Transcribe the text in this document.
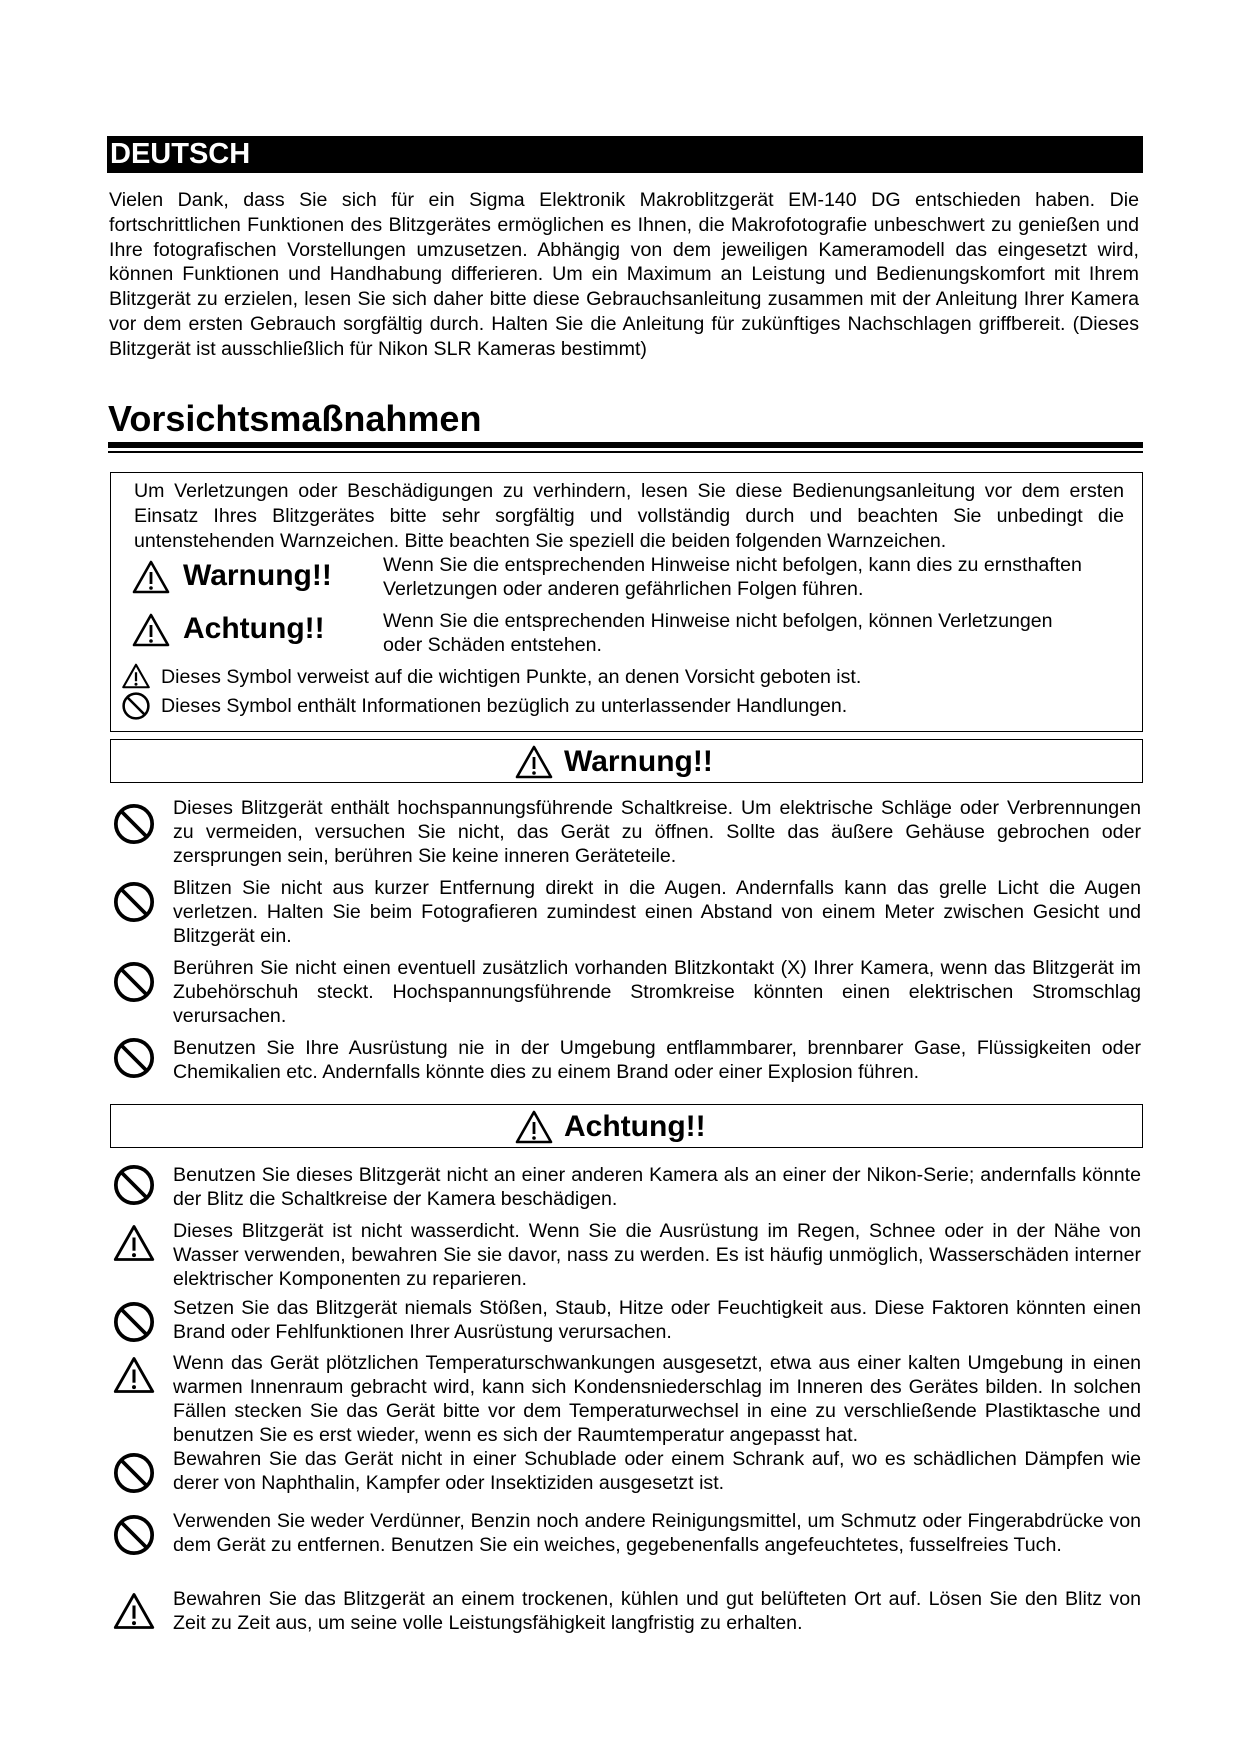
DEUTSCH

Vielen Dank, dass Sie sich für ein Sigma Elektronik Makroblitzgerät EM-140 DG entschieden haben. Die fortschrittlichen Funktionen des Blitzgerätes ermöglichen es Ihnen, die Makrofotografie unbeschwert zu genießen und Ihre fotografischen Vorstellungen umzusetzen. Abhängig von dem jeweiligen Kameramodell das eingesetzt wird, können Funktionen und Handhabung differieren. Um ein Maximum an Leistung und Bedienungskomfort mit Ihrem Blitzgerät zu erzielen, lesen Sie sich daher bitte diese Gebrauchsanleitung zusammen mit der Anleitung Ihrer Kamera vor dem ersten Gebrauch sorgfältig durch. Halten Sie die Anleitung für zukünftiges Nachschlagen griffbereit. (Dieses Blitzgerät ist ausschließlich für Nikon SLR Kameras bestimmt)

Vorsichtsmaßnahmen

Um Verletzungen oder Beschädigungen zu verhindern, lesen Sie diese Bedienungsanleitung vor dem ersten Einsatz Ihres Blitzgerätes bitte sehr sorgfältig und vollständig durch und beachten Sie unbedingt die untenstehenden Warnzeichen. Bitte beachten Sie speziell die beiden folgenden Warnzeichen.

Warnung!!	Wenn Sie die entsprechenden Hinweise nicht befolgen, kann dies zu ernsthaften Verletzungen oder anderen gefährlichen Folgen führen.

Achtung!!	Wenn Sie die entsprechenden Hinweise nicht befolgen, können Verletzungen oder Schäden entstehen.

Dieses Symbol verweist auf die wichtigen Punkte, an denen Vorsicht geboten ist.
Dieses Symbol enthält Informationen bezüglich zu unterlassender Handlungen.
Warnung!!

Dieses Blitzgerät enthält hochspannungsführende Schaltkreise. Um elektrische Schläge oder Verbrennungen zu vermeiden, versuchen Sie nicht, das Gerät zu öffnen. Sollte das äußere Gehäuse gebrochen oder zersprungen sein, berühren Sie keine inneren Geräteteile.

Blitzen Sie nicht aus kurzer Entfernung direkt in die Augen. Andernfalls kann das grelle Licht die Augen verletzen. Halten Sie beim Fotografieren zumindest einen Abstand von einem Meter zwischen Gesicht und Blitzgerät ein.

Berühren Sie nicht einen eventuell zusätzlich vorhanden Blitzkontakt (X) Ihrer Kamera, wenn das Blitzgerät im Zubehörschuh steckt. Hochspannungsführende Stromkreise könnten einen elektrischen Stromschlag verursachen.

Benutzen Sie Ihre Ausrüstung nie in der Umgebung entflammbarer, brennbarer Gase, Flüssigkeiten oder Chemikalien etc. Andernfalls könnte dies zu einem Brand oder einer Explosion führen.

Achtung!!

Benutzen Sie dieses Blitzgerät nicht an einer anderen Kamera als an einer der Nikon-Serie; andernfalls könnte der Blitz die Schaltkreise der Kamera beschädigen.

Dieses Blitzgerät ist nicht wasserdicht. Wenn Sie die Ausrüstung im Regen, Schnee oder in der Nähe von Wasser verwenden, bewahren Sie sie davor, nass zu werden. Es ist häufig unmöglich, Wasserschäden interner elektrischer Komponenten zu reparieren.

Setzen Sie das Blitzgerät niemals Stößen, Staub, Hitze oder Feuchtigkeit aus. Diese Faktoren könnten einen Brand oder Fehlfunktionen Ihrer Ausrüstung verursachen.

Wenn das Gerät plötzlichen Temperaturschwankungen ausgesetzt, etwa aus einer kalten Umgebung in einen warmen Innenraum gebracht wird, kann sich Kondensniederschlag im Inneren des Gerätes bilden. In solchen Fällen stecken Sie das Gerät bitte vor dem Temperaturwechsel in eine zu verschließende Plastiktasche und benutzen Sie es erst wieder, wenn es sich der Raumtemperatur angepasst hat.

Bewahren Sie das Gerät nicht in einer Schublade oder einem Schrank auf, wo es schädlichen Dämpfen wie derer von Naphthalin, Kampfer oder Insektiziden ausgesetzt ist.

Verwenden Sie weder Verdünner, Benzin noch andere Reinigungsmittel, um Schmutz oder Fingerabdrücke von dem Gerät zu entfernen. Benutzen Sie ein weiches, gegebenenfalls angefeuchtetes, fusselfreies Tuch.

Bewahren Sie das Blitzgerät an einem trockenen, kühlen und gut belüfteten Ort auf. Lösen Sie den Blitz von Zeit zu Zeit aus, um seine volle Leistungsfähigkeit langfristig zu erhalten.
